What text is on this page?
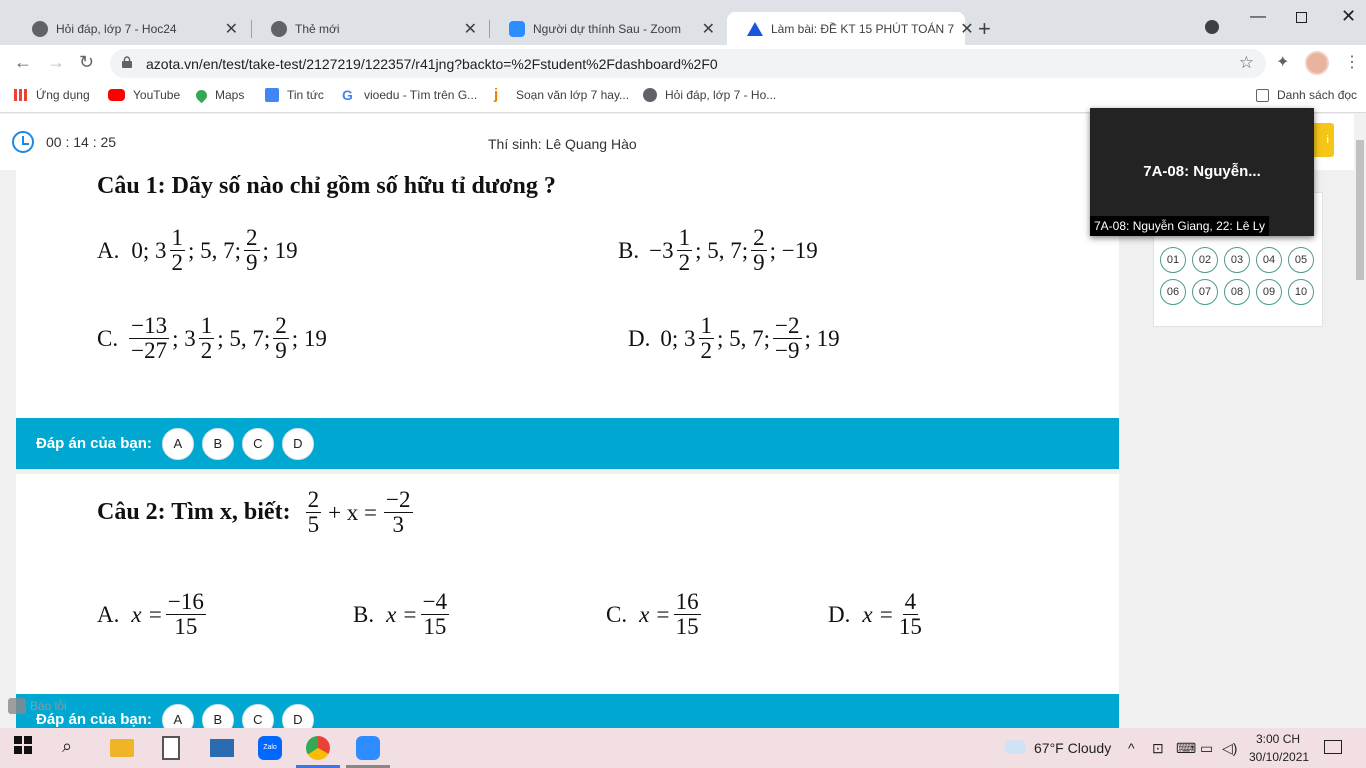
Hỏi đáp, lớp 7 - Hoc24	✕	Thẻ mới	✕	Người dự thính Sau - Zoom	✕	Làm bài: ĐỀ KT 15 PHÚT TOÁN 7 ✕ +	—	✕
← → ↻	azota.vn/en/test/take-test/2127219/122357/r41jng?backto=%2Fstudent%2Fdashboard%2F0	☆ ✦	⋮
Ứng dụng	YouTube	Maps	Tin tức G vioedu - Tìm trên G... j	Soạn văn lớp 7 hay...	Hỏi đáp, lớp 7 - Ho...	Danh sách đọc
00 : 14 : 25	Thí sinh: Lê Quang Hào	i
Câu 1: Dãy số nào chỉ gồm số hữu tỉ dương ?
A. 0; $3 \frac{1}{2}$ ; 5, 7; $\frac{2}{9}$ ; 19	B. $-3 \frac{1}{2}$ ; 5, 7; $\frac{2}{9}$ ; −19
C. $\frac{-13}{-27}$ ; $3 \frac{1}{2}$ ; 5, 7; $\frac{2}{9}$ ; 19	D. 0; $3 \frac{1}{2}$ ; 5, 7; $\frac{-2}{-9}$ ; 19
Đáp án của bạn:	A	B	C	D
Câu 2: Tìm x, biết: $\frac{2}{5} + x = \frac{-2}{3}$
A. $x = \frac{-16}{15}$	B. $x = \frac{-4}{15}$	C. $x = \frac{16}{15}$	D. $x = \frac{4}{15}$
Đáp án của bạn:	A	B	C	D
Báo lỗi
01	02	03	04	05
06	07	08	09	10
7A-08: Nguyễn...
7A-08: Nguyễn Giang, 22: Lê Ly
⌕	Zalo	67°F Cloudy ^ ⊡ ⌨ ▭ ◁)
3:00 CH
30/10/2021
